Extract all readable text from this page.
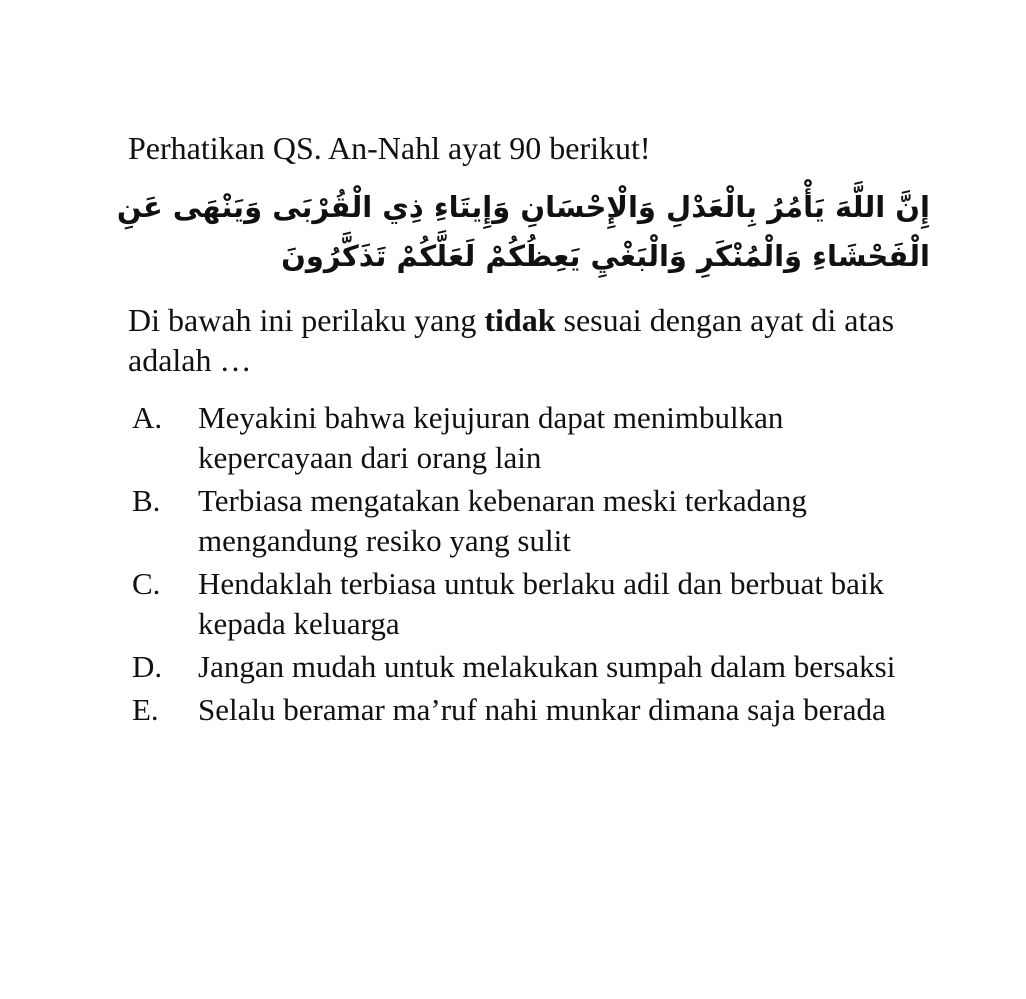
Perhatikan QS. An-Nahl ayat 90 berikut!
إِنَّ اللَّهَ يَأْمُرُ بِالْعَدْلِ وَالْإِحْسَانِ وَإِيتَاءِ ذِي الْقُرْبَى وَيَنْهَى عَنِ
الْفَحْشَاءِ وَالْمُنْكَرِ وَالْبَغْيِ يَعِظُكُمْ لَعَلَّكُمْ تَذَكَّرُونَ
Di bawah ini perilaku yang tidak sesuai dengan ayat di atas adalah …
A.	Meyakini bahwa kejujuran dapat menimbulkan kepercayaan dari orang lain
B.	Terbiasa mengatakan kebenaran meski terkadang mengandung resiko yang sulit
C.	Hendaklah terbiasa untuk berlaku adil dan berbuat baik kepada keluarga
D.	Jangan mudah untuk melakukan sumpah dalam bersaksi
E.	Selalu beramar ma’ruf nahi munkar dimana saja berada
